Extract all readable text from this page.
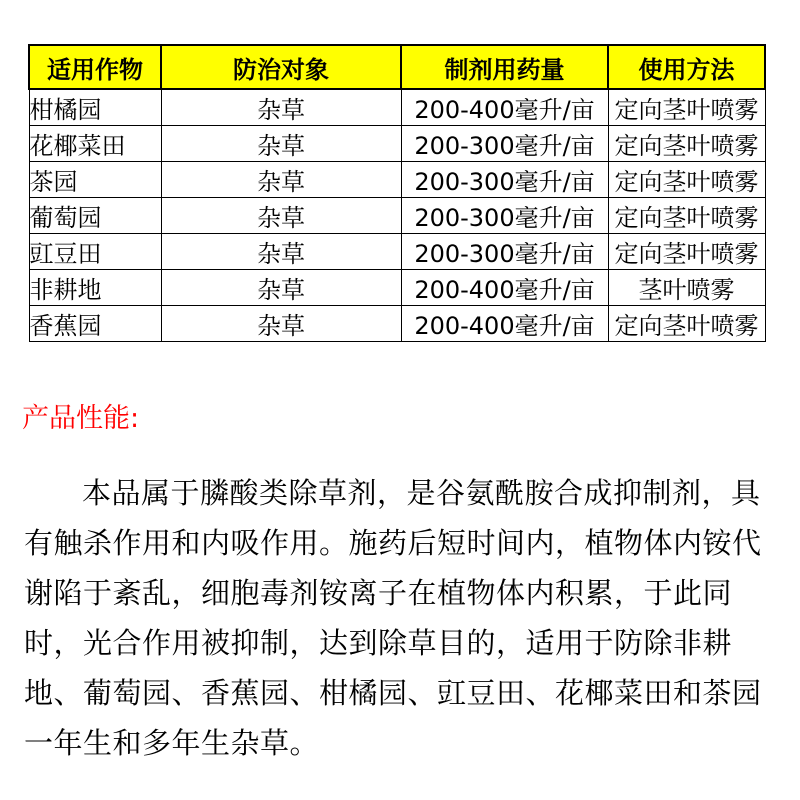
适用作物	防治对象	制剂用药量	使用方法
柑橘园	杂草	200-400毫升/亩	定向茎叶喷雾
花椰菜田	杂草	200-300毫升/亩	定向茎叶喷雾
茶园	杂草	200-300毫升/亩	定向茎叶喷雾
葡萄园	杂草	200-300毫升/亩	定向茎叶喷雾
豇豆田	杂草	200-300毫升/亩	定向茎叶喷雾
非耕地	杂草	200-400毫升/亩	茎叶喷雾
香蕉园	杂草	200-400毫升/亩	定向茎叶喷雾
产品性能:

本品属于膦酸类除草剂，是谷氨酰胺合成抑制剂，具有触杀作用和内吸作用。施药后短时间内，植物体内铵代谢陷于紊乱，细胞毒剂铵离子在植物体内积累，于此同时，光合作用被抑制，达到除草目的，适用于防除非耕地、葡萄园、香蕉园、柑橘园、豇豆田、花椰菜田和茶园一年生和多年生杂草。
